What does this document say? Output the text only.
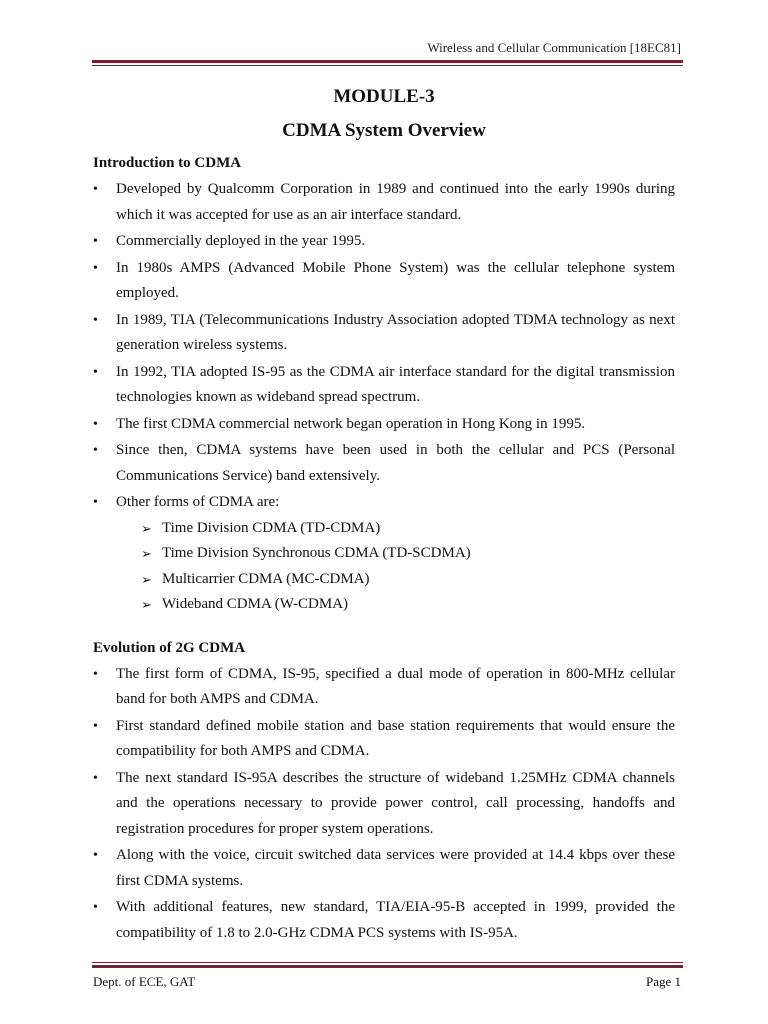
Wireless and Cellular Communication [18EC81]
MODULE-3
CDMA System Overview
Introduction to CDMA
• Developed by Qualcomm Corporation in 1989 and continued into the early 1990s during which it was accepted for use as an air interface standard.
• Commercially deployed in the year 1995.
• In 1980s AMPS (Advanced Mobile Phone System) was the cellular telephone system employed.
• In 1989, TIA (Telecommunications Industry Association adopted TDMA technology as next generation wireless systems.
• In 1992, TIA adopted IS-95 as the CDMA air interface standard for the digital transmission technologies known as wideband spread spectrum.
• The first CDMA commercial network began operation in Hong Kong in 1995.
• Since then, CDMA systems have been used in both the cellular and PCS (Personal Communications Service) band extensively.
• Other forms of CDMA are:
➢ Time Division CDMA (TD-CDMA)
➢ Time Division Synchronous CDMA (TD-SCDMA)
➢ Multicarrier CDMA (MC-CDMA)
➢ Wideband CDMA (W-CDMA)
Evolution of 2G CDMA
• The first form of CDMA, IS-95, specified a dual mode of operation in 800-MHz cellular band for both AMPS and CDMA.
• First standard defined mobile station and base station requirements that would ensure the compatibility for both AMPS and CDMA.
• The next standard IS-95A describes the structure of wideband 1.25MHz CDMA channels and the operations necessary to provide power control, call processing, handoffs and registration procedures for proper system operations.
• Along with the voice, circuit switched data services were provided at 14.4 kbps over these first CDMA systems.
• With additional features, new standard, TIA/EIA-95-B accepted in 1999, provided the compatibility of 1.8 to 2.0-GHz CDMA PCS systems with IS-95A.
Dept. of ECE, GAT	Page 1
